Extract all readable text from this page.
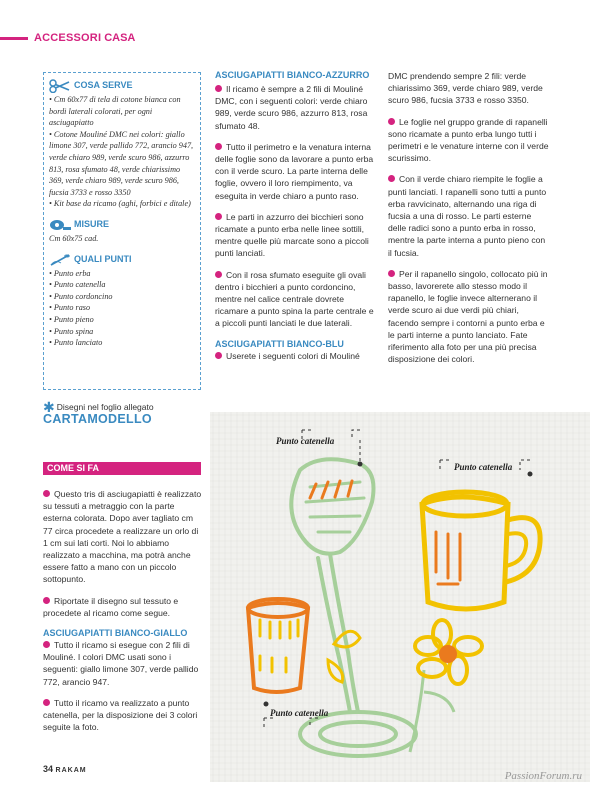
ACCESSORI CASA
COSA SERVE

• Cm 60x77 di tela di cotone bianca con bordi laterali colorati, per ogni asciugapiatto

• Cotone Mouliné DMC nei colori: giallo limone 307, verde pallido 772, arancio 947, verde chiaro 989, verde scuro 986, azzurro 813, rosa sfumato 48, verde chiarissimo 369, verde chiaro 989, verde scuro 986, fucsia 3733 e rosso 3350

• Kit base da ricamo (aghi, forbici e ditale)

MISURE

Cm 60x75 cad.

QUALI PUNTI

• Punto erba

• Punto catenella

• Punto cordoncino

• Punto raso

• Punto pieno

• Punto spina

• Punto lanciato

✱ Disegni nel foglio allegato
CARTAMODELLO
COME SI FA

Questo tris di asciugapiatti è realizzato su tessuti a metraggio con la parte esterna colorata. Dopo aver tagliato cm 77 circa procedete a realizzare un orlo di 1 cm sui lati corti. Noi lo abbiamo realizzato a macchina, ma potrà anche essere fatto a mano con un piccolo sottopunto.

Riportate il disegno sul tessuto e procedete al ricamo come segue.

ASCIUGAPIATTI BIANCO-GIALLO

Tutto il ricamo si esegue con 2 fili di Mouliné. I colori DMC usati sono i seguenti: giallo limone 307, verde pallido 772, arancio 947.

Tutto il ricamo va realizzato a punto catenella, per la disposizione dei 3 colori seguite la foto.

ASCIUGAPIATTI BIANCO-AZZURRO

Il ricamo è sempre a 2 fili di Mouliné DMC, con i seguenti colori: verde chiaro 989, verde scuro 986, azzurro 813, rosa sfumato 48.

Tutto il perimetro e la venatura interna delle foglie sono da lavorare a punto erba con il verde scuro. La parte interna delle foglie, ovvero il loro riempimento, va eseguita in verde chiaro a punto raso.

Le parti in azzurro dei bicchieri sono ricamate a punto erba nelle linee sottili, mentre quelle più marcate sono a piccoli punti lanciati.

Con il rosa sfumato eseguite gli ovali dentro i bicchieri a punto cordoncino, mentre nel calice centrale dovrete ricamare a punto spina la parte centrale e a piccoli punti lanciati le due laterali.

ASCIUGAPIATTI BIANCO-BLU

Userete i seguenti colori di Mouliné

DMC prendendo sempre 2 fili: verde chiarissimo 369, verde chiaro 989, verde scuro 986, fucsia 3733 e rosso 3350.

Le foglie nel gruppo grande di rapanelli sono ricamate a punto erba lungo tutti i perimetri e le venature interne con il verde scurissimo.

Con il verde chiaro riempite le foglie a punti lanciati. I rapanelli sono tutti a punto erba ravvicinato, alternando una riga di fucsia a una di rosso. Le parti esterne delle radici sono a punto erba in rosso, mentre la parte interna a punto pieno con il fucsia.

Per il rapanello singolo, collocato più in basso, lavorerete allo stesso modo il rapanello, le foglie invece alternerano il verde scuro ai due verdi più chiari, facendo sempre i contorni a punto erba e le parti interne a punto lanciato. Fate riferimento alla foto per una più precisa disposizione dei colori.

Punto catenella
Punto catenella
Punto catenella
34 RAKAM	PassionForum.ru
